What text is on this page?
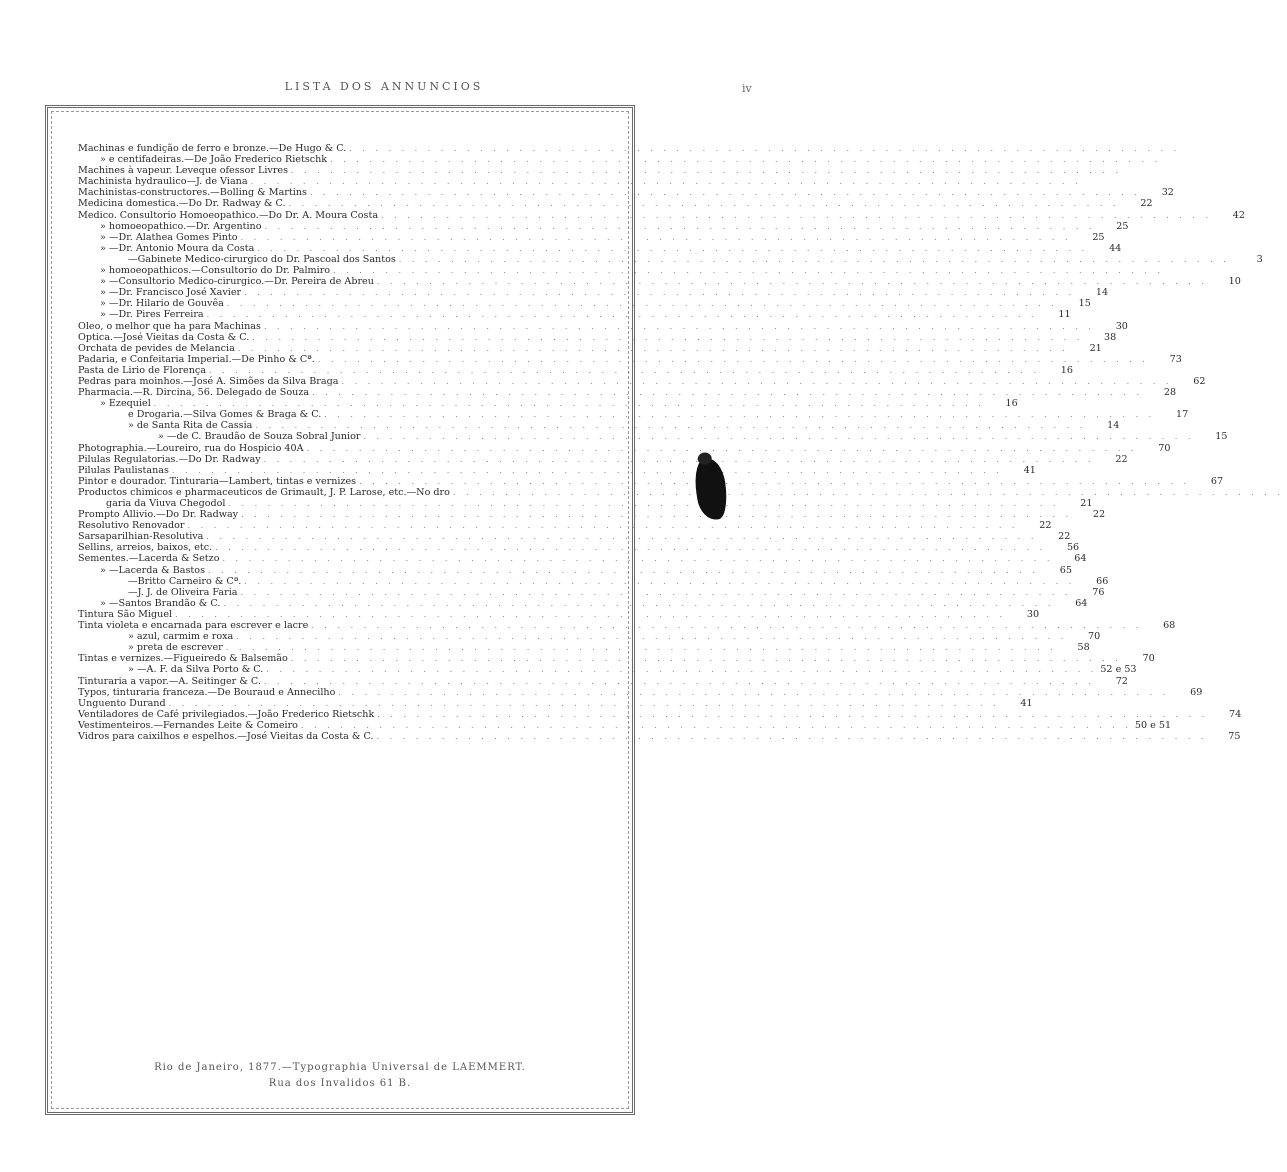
LISTA DOS ANNUNCIOS	iv
Machinas e fundição de ferro e bronze.—De Hugo & C.
. . .
» e centifadeiras.—De João Frederico Rietschk
. . .
Machines à vapeur. Leveque ofessor Livres
. . .
Machinista hydraulico—J. de Viana
. . .
Machinistas-constructores.—Bolling & Martins . . .	32
Medicina domestica.—Do Dr. Radway & C. . . .	22
Medico. Consultorio Homoeopathico.—Do Dr. A. Moura Costa . . .	42
» homoeopathico.—Dr. Argentino . . .	25
» —Dr. Alathea Gomes Pinto . . .	25
» —Dr. Antonio Moura da Costa . . .	44
—Gabinete Medico-cirurgico do Dr. Pascoal dos Santos . . .	3
» homoeopathicos.—Consultorio do Dr. Palmiro
. . .
» —Consultorio Medico-cirurgico.—Dr. Pereira de Abreu . . .	10
» —Dr. Francisco José Xavier . . .	14
» —Dr. Hilario de Gouvêa . . .	15
» —Dr. Pires Ferreira . . .	11
Oleo, o melhor que ha para Machinas . . .	30
Optica.—José Vieitas da Costa & C. . . .	38
Orchata de pevides de Melancia . . .	21
Padaria, e Confeitaria Imperial.—De Pinho & Cª. . . .	73
Pasta de Lirio de Florença . . .	16
Pedras para moinhos.—José A. Simões da Silva Braga . . .	62
Pharmacia.—R. Dircina, 56. Delegado de Souza . . .	28
» Ezequiel . . .	16
e Drogaria.—Silva Gomes & Braga & C. . . .	17
» de Santa Rita de Cassia . . .	14
» —de C. Braudão de Souza Sobral Junior . . .	15
Photographia.—Loureiro, rua do Hospicio 40A . . .	70
Pilulas Regulatorias.—Do Dr. Radway . . .	22
Pilulas Paulistanas . . .	41
Pintor e dourador. Tinturaria—Lambert, tintas e vernizes . . .	67
Productos chimicos e pharmaceuticos de Grimault, J. P. Larose, etc.—No dro
. . .
garia da Viuva Chegodol . . .	21
Prompto Allivio.—Do Dr. Radway . . .	22
Resolutivo Renovador . . .	22
Sarsaparilhian-Resolutiva . . .	22
Sellins, arreios, baixos, etc. . . .	56
Sementes.—Lacerda & Setzo . . .	64
» —Lacerda & Bastos . . .	65
—Britto Carneiro & Cª. . . .	66
—J. J. de Oliveira Faria . . .	76
» —Santos Brandão & C. . . .	64
Tintura São Miguel . . .	30
Tinta violeta e encarnada para escrever e lacre . . .	68
» azul, carmim e roxa . . .	70
» preta de escrever . . .	58
Tintas e vernizes.—Figueiredo & Balsemão . . .	70
» —A. F. da Silva Porto & C. . . .	52 e 53
Tinturaria a vapor.—A. Seitinger & C. . . .	72
Typos, tinturaria franceza.—De Bouraud e Annecilho . . .	69
Unguento Durand . . .	41
Ventiladores de Café privilegiados.—João Frederico Rietschk . . .	74
Vestimenteiros.—Fernandes Leite & Comeiro . . .	50 e 51
Vidros para caixilhos e espelhos.—José Vieitas da Costa & C. . . .	75
Rio de Janeiro, 1877.—Typographia Universal de LAEMMERT.
Rua dos Invalidos 61 B.
